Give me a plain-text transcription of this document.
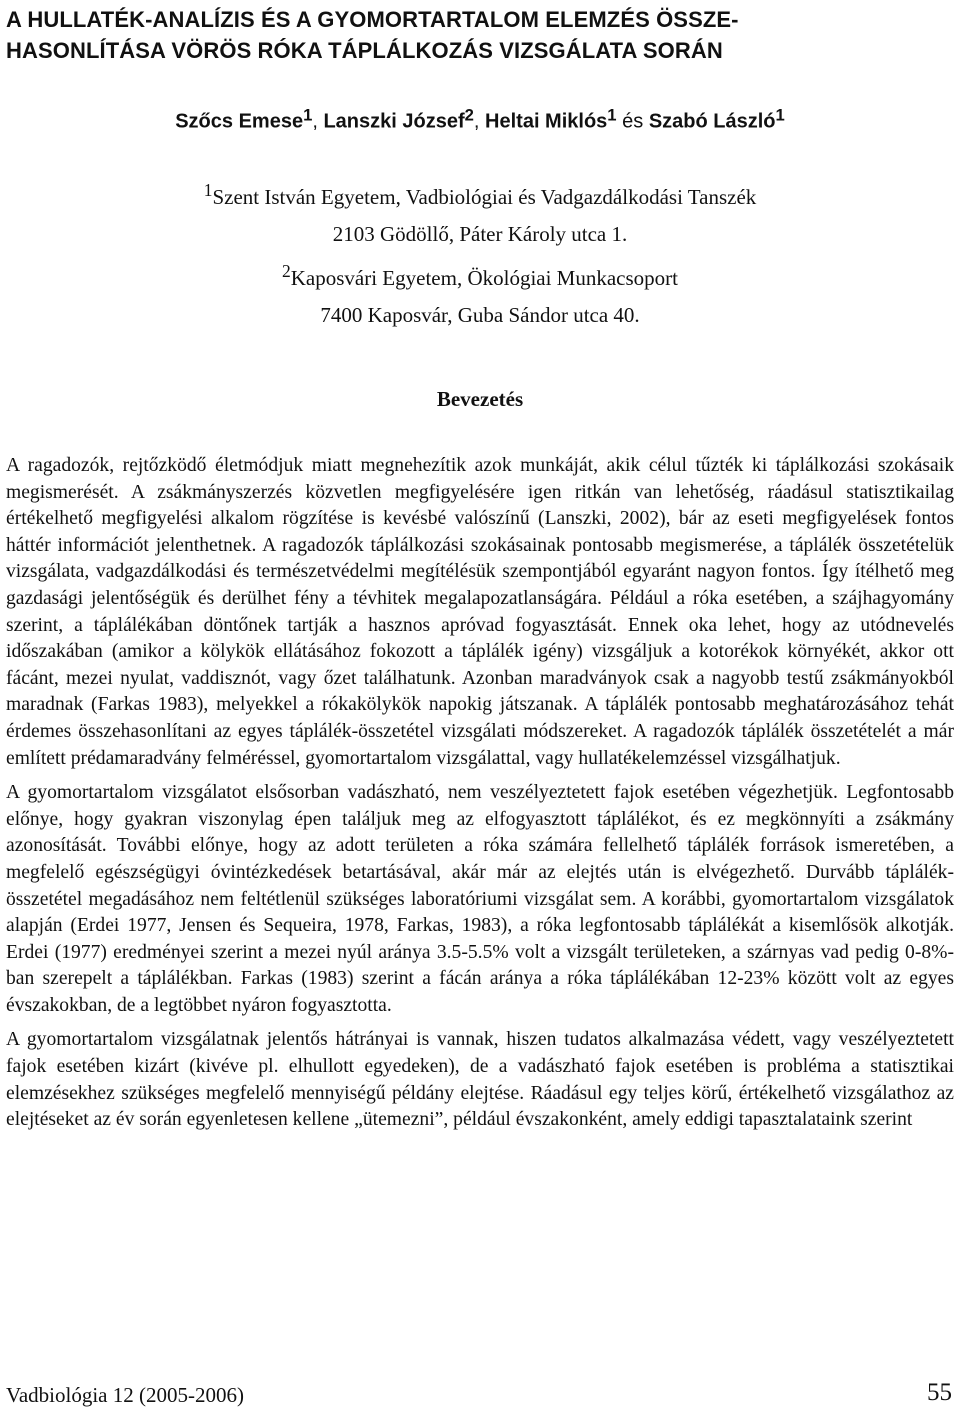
A HULLATÉK-ANALÍZIS ÉS A GYOMORTARTALOM ELEMZÉS ÖSSZE-
HASONLÍTÁSA VÖRÖS RÓKA TÁPLÁLKOZÁS VIZSGÁLATA SORÁN
Szőcs Emese$^1$, Lanszki József$^2$, Heltai Miklós$^1$ és Szabó László$^1$
$^1$Szent István Egyetem, Vadbiológiai és Vadgazdálkodási Tanszék
2103 Gödöllő, Páter Károly utca 1.
$^2$Kaposvári Egyetem, Ökológiai Munkacsoport
7400 Kaposvár, Guba Sándor utca 40.
Bevezetés

A ragadozók, rejtőzködő életmódjuk miatt megnehezítik azok munkáját, akik célul tűzték ki táplálkozási szokásaik megismerését. A zsákmányszerzés közvetlen megfigyelésére igen ritkán van lehetőség, ráadásul statisztikailag értékelhető megfigyelési alkalom rögzítése is kevésbé valószínű (Lanszki, 2002), bár az eseti megfigyelések fontos háttér információt jelenthetnek. A ragadozók táplálkozási szokásainak pontosabb megismerése, a táplálék összetételük vizsgálata, vadgazdálkodási és természetvédelmi megítélésük szempontjából egyaránt nagyon fontos. Így ítélhető meg gazdasági jelentőségük és derülhet fény a tévhitek megalapozatlanságára. Például a róka esetében, a szájhagyomány szerint, a táplálékában döntőnek tartják a hasznos apróvad fogyasztását. Ennek oka lehet, hogy az utódnevelés időszakában (amikor a kölykök ellátásához fokozott a táplálék igény) vizsgáljuk a kotorékok környékét, akkor ott fácánt, mezei nyulat, vaddisznót, vagy őzet találhatunk. Azonban maradványok csak a nagyobb testű zsákmányokból maradnak (Farkas 1983), melyekkel a rókakölykök napokig játszanak. A táplálék pontosabb meghatározásához tehát érdemes összehasonlítani az egyes táplálék-összetétel vizsgálati módszereket. A ragadozók táplálék összetételét a már említett prédamaradvány felméréssel, gyomortartalom vizsgálattal, vagy hullatékelemzéssel vizsgálhatjuk.

A gyomortartalom vizsgálatot elsősorban vadászható, nem veszélyeztetett fajok esetében végezhetjük. Legfontosabb előnye, hogy gyakran viszonylag épen találjuk meg az elfogyasztott táplálékot, és ez megkönnyíti a zsákmány azonosítását. További előnye, hogy az adott területen a róka számára fellelhető táplálék források ismeretében, a megfelelő egészségügyi óvintézkedések betartásával, akár már az elejtés után is elvégezhető. Durvább táplálék-összetétel megadásához nem feltétlenül szükséges laboratóriumi vizsgálat sem. A korábbi, gyomortartalom vizsgálatok alapján (Erdei 1977, Jensen és Sequeira, 1978, Farkas, 1983), a róka legfontosabb táplálékát a kisemlősök alkotják. Erdei (1977) eredményei szerint a mezei nyúl aránya 3.5-5.5% volt a vizsgált területeken, a szárnyas vad pedig 0-8%-ban szerepelt a táplálékban. Farkas (1983) szerint a fácán aránya a róka táplálékában 12-23% között volt az egyes évszakokban, de a legtöbbet nyáron fogyasztotta.

A gyomortartalom vizsgálatnak jelentős hátrányai is vannak, hiszen tudatos alkalmazása védett, vagy veszélyeztetett fajok esetében kizárt (kivéve pl. elhullott egyedeken), de a vadászható fajok esetében is probléma a statisztikai elemzésekhez szükséges megfelelő mennyiségű példány elejtése. Ráadásul egy teljes körű, értékelhető vizsgálathoz az elejtéseket az év során egyenletesen kellene „ütemezni”, például évszakonként, amely eddigi tapasztalataink szerint

Vadbiológia 12 (2005-2006)	55
